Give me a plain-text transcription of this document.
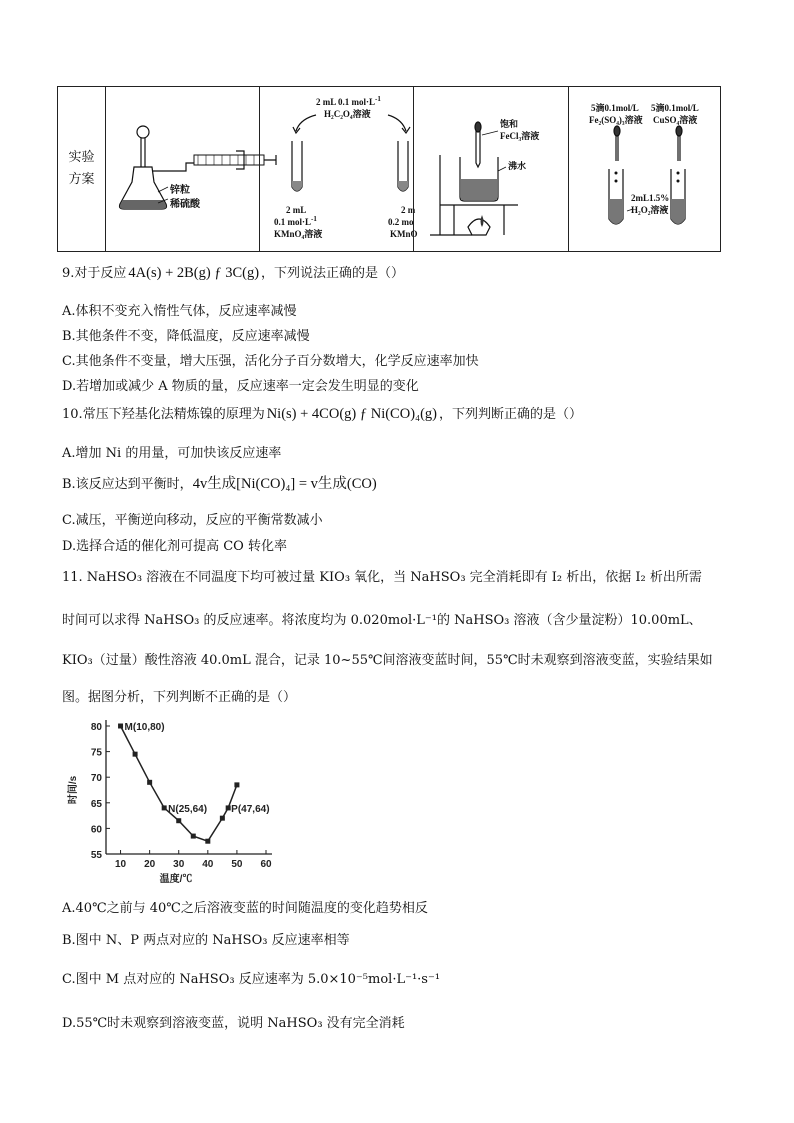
实验
方案
锌粒
稀硫酸
2 mL 0.1 $mol\cdot L^{-1}$
H₂C₂O₄溶液
2 mL
0.1 $mol\cdot L^{-1}$
KMnO₄溶液
2 m
0.2 mo
KMnO
饱和
FeCl₃溶液
沸水
5滴0.1mol/L
Fe₂(SO₄)₃溶液
5滴0.1mol/L
CuSO₄溶液
2mL1.5%
H₂O₂溶液
9.对于反应 4A(s) + 2B(g) ƒ 3C(g) ，下列说法正确的是（）
A.体积不变充入惰性气体，反应速率减慢
B.其他条件不变，降低温度，反应速率减慢
C.其他条件不变量，增大压强，活化分子百分数增大，化学反应速率加快
D.若增加或减少 A 物质的量，反应速率一定会发生明显的变化
10.常压下羟基化法精炼镍的原理为 Ni(s) + 4CO(g) ƒ Ni(CO)₄(g) ，下列判断正确的是（）
A.增加 Ni 的用量，可加快该反应速率
B.该反应达到平衡时，4v生成[Ni(CO)₄] = v生成(CO)
C.减压，平衡逆向移动，反应的平衡常数减小
D.选择合适的催化剂可提高 CO 转化率
11. NaHSO₃ 溶液在不同温度下均可被过量 KIO₃ 氧化，当 NaHSO₃ 完全消耗即有 I₂ 析出，依据 I₂ 析出所需
时间可以求得 NaHSO₃ 的反应速率。将浓度均为 0.020mol·L⁻¹的 NaHSO₃ 溶液（含少量淀粉）10.00mL、
KIO₃（过量）酸性溶液 40.0mL 混合，记录 10~55℃间溶液变蓝时间，55℃时未观察到溶液变蓝，实验结果如
图。据图分析，下列判断不正确的是（）
55
60
65
70
75
80
10 20 30 40 50 60
时间/s
温度/℃
M(10,80)
N(25,64) P(47,64)
A.40℃之前与 40℃之后溶液变蓝的时间随温度的变化趋势相反
B.图中 N、P 两点对应的 NaHSO₃ 反应速率相等
C.图中 M 点对应的 NaHSO₃ 反应速率为 5.0×10⁻⁵mol·L⁻¹·s⁻¹
D.55℃时未观察到溶液变蓝，说明 NaHSO₃ 没有完全消耗
